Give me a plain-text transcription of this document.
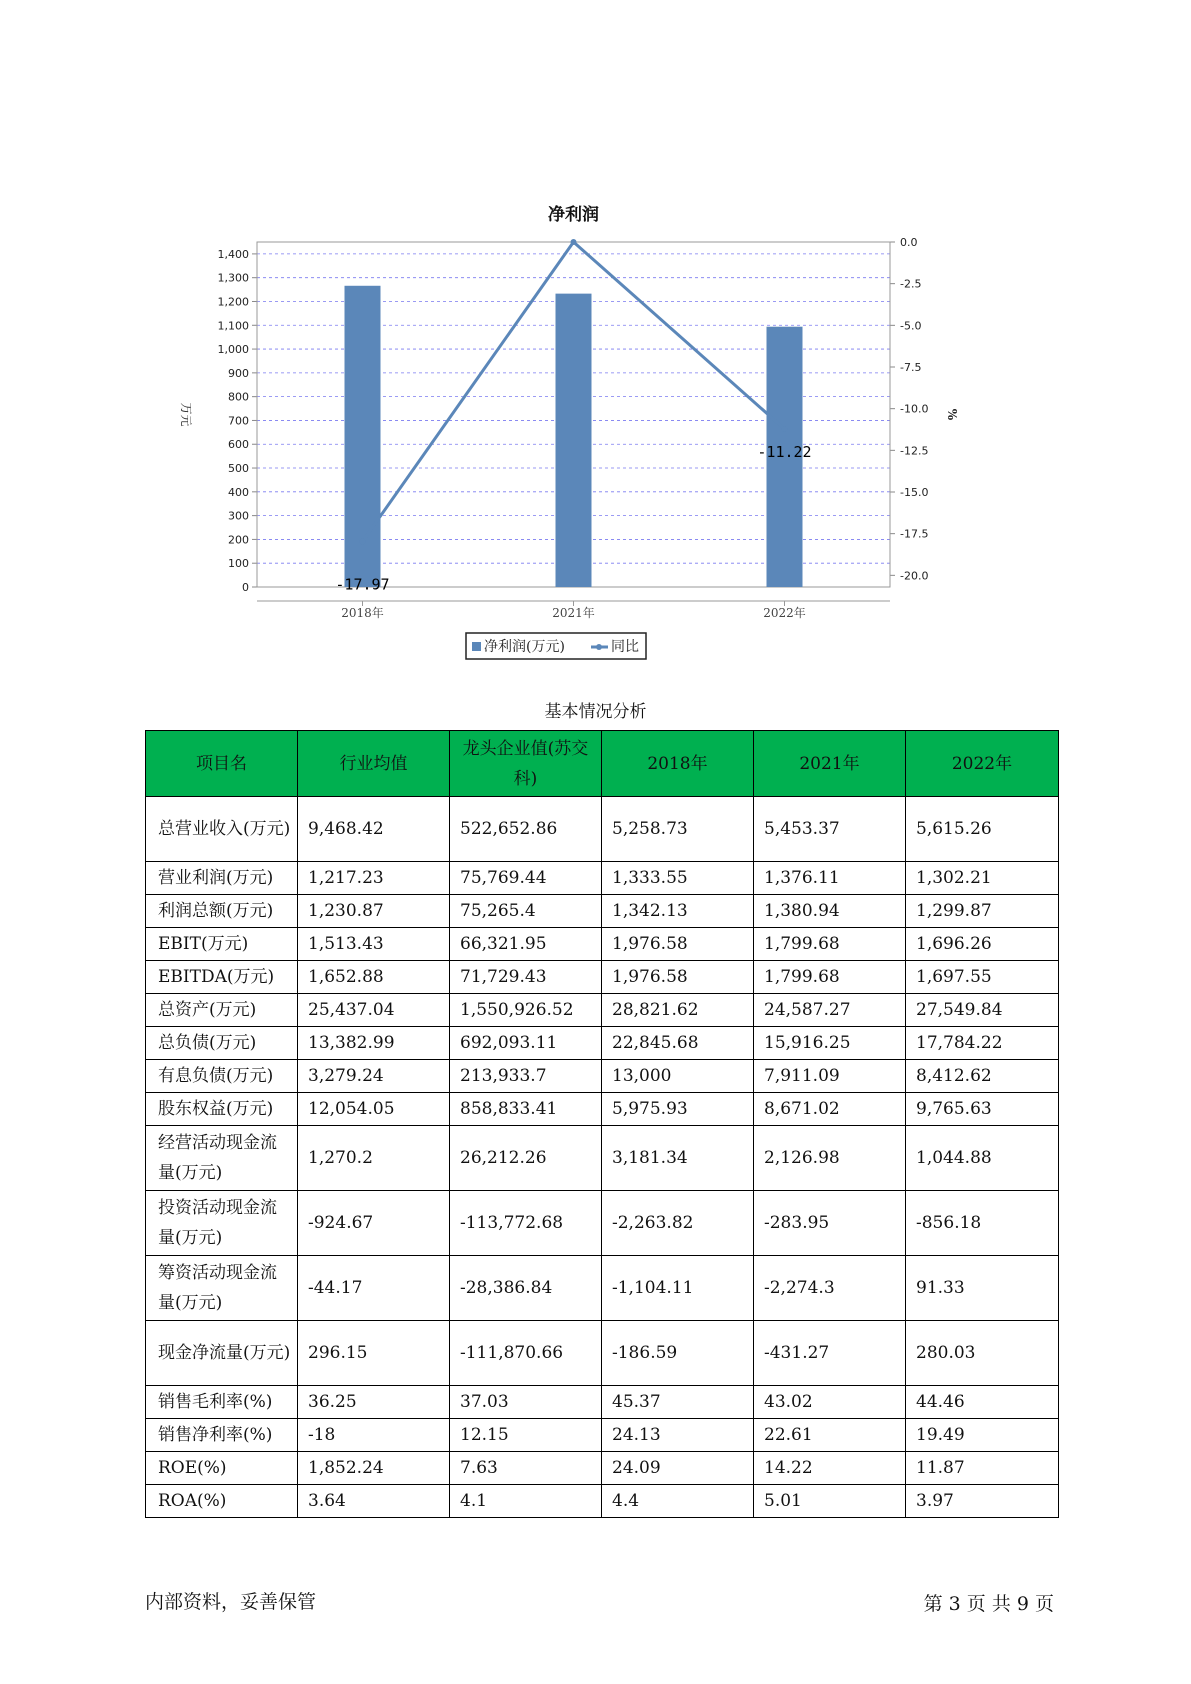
净利润
0
100
200
300
400
500
600
700
800
900
1,000
1,100
1,200
1,300
1,400
0.0
-2.5
-5.0
-7.5
-10.0
-12.5
-15.0
-17.5
-20.0
万元	%
2018年	2021年	2022年
-17.97
-11.22
净利润(万元)	同比
基本情况分析
项目名	行业均值	龙头企业值(苏交科)	2018年	2021年	2022年
总营业收入(万元)	9,468.42	522,652.86	5,258.73	5,453.37	5,615.26
营业利润(万元)	1,217.23	75,769.44	1,333.55	1,376.11	1,302.21
利润总额(万元)	1,230.87	75,265.4	1,342.13	1,380.94	1,299.87
EBIT(万元)	1,513.43	66,321.95	1,976.58	1,799.68	1,696.26
EBITDA(万元)	1,652.88	71,729.43	1,976.58	1,799.68	1,697.55
总资产(万元)	25,437.04	1,550,926.52	28,821.62	24,587.27	27,549.84
总负债(万元)	13,382.99	692,093.11	22,845.68	15,916.25	17,784.22
有息负债(万元)	3,279.24	213,933.7	13,000	7,911.09	8,412.62
股东权益(万元)	12,054.05	858,833.41	5,975.93	8,671.02	9,765.63
经营活动现金流量(万元)	1,270.2	26,212.26	3,181.34	2,126.98	1,044.88
投资活动现金流量(万元)	-924.67	-113,772.68	-2,263.82	-283.95	-856.18
筹资活动现金流量(万元)	-44.17	-28,386.84	-1,104.11	-2,274.3	91.33
现金净流量(万元)	296.15	-111,870.66	-186.59	-431.27	280.03
销售毛利率(%)	36.25	37.03	45.37	43.02	44.46
销售净利率(%)	-18	12.15	24.13	22.61	19.49
ROE(%)	1,852.24	7.63	24.09	14.22	11.87
ROA(%)	3.64	4.1	4.4	5.01	3.97
内部资料，妥善保管	第 3 页 共 9 页
